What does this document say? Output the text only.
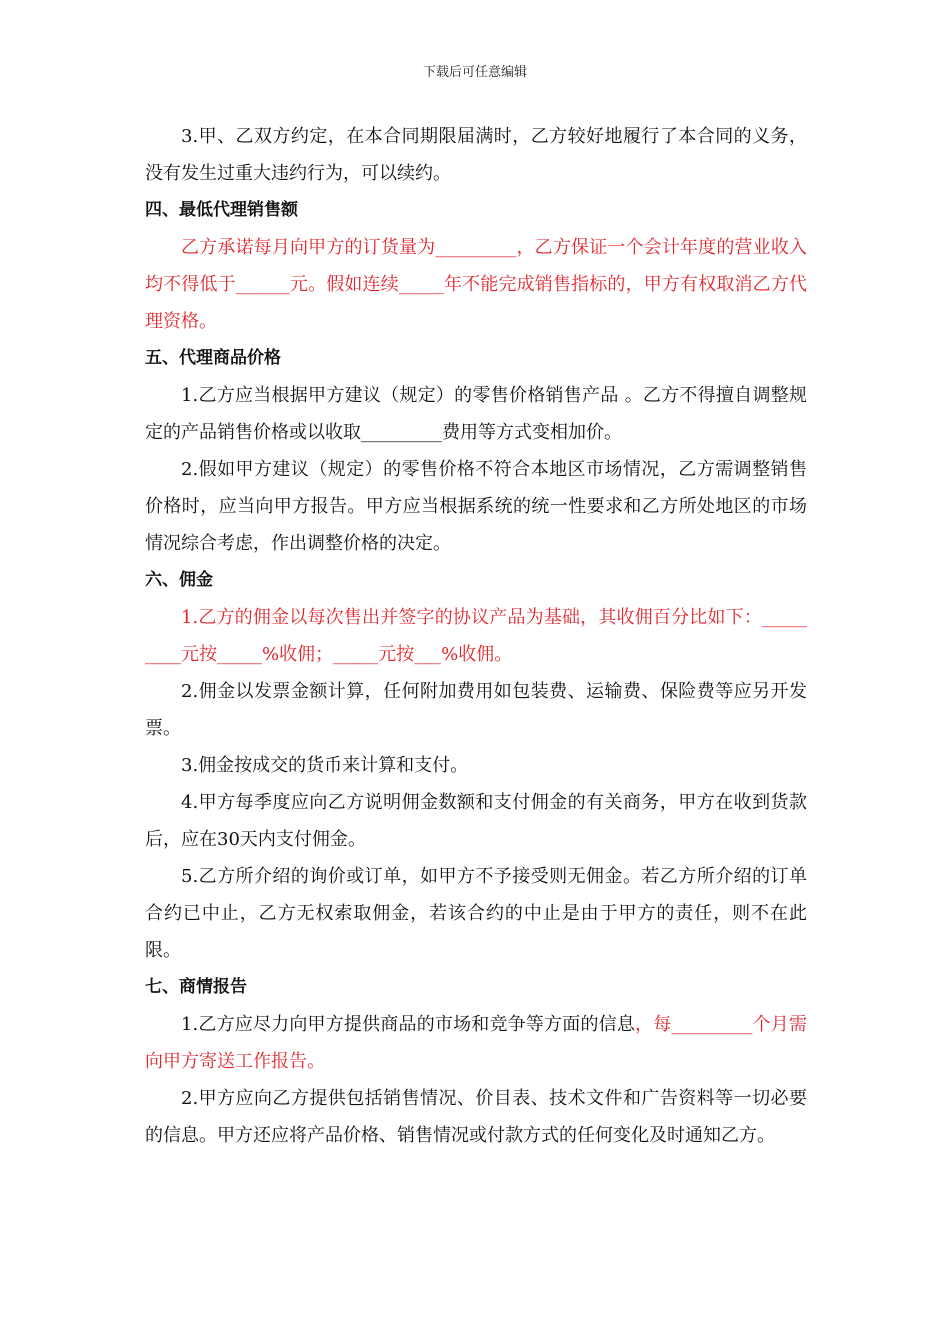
下载后可任意编辑

3.甲、乙双方约定，在本合同期限届满时，乙方较好地履行了本合同的义务，没有发生过重大违约行为，可以续约。

四、最低代理销售额

乙方承诺每月向甲方的订货量为_________，乙方保证一个会计年度的营业收入均不得低于______元。假如连续_____年不能完成销售指标的，甲方有权取消乙方代理资格。

五、代理商品价格

1.乙方应当根据甲方建议（规定）的零售价格销售产品 。乙方不得擅自调整规定的产品销售价格或以收取_________费用等方式变相加价。

2.假如甲方建议（规定）的零售价格不符合本地区市场情况，乙方需调整销售价格时，应当向甲方报告。甲方应当根据系统的统一性要求和乙方所处地区的市场情况综合考虑，作出调整价格的决定。

六、佣金

1.乙方的佣金以每次售出并签字的协议产品为基础，其收佣百分比如下：_________元按_____%收佣；_____元按___%收佣。

2.佣金以发票金额计算，任何附加费用如包装费、运输费、保险费等应另开发票。

3.佣金按成交的货币来计算和支付。

4.甲方每季度应向乙方说明佣金数额和支付佣金的有关商务，甲方在收到货款后，应在30天内支付佣金。

5.乙方所介绍的询价或订单，如甲方不予接受则无佣金。若乙方所介绍的订单合约已中止，乙方无权索取佣金，若该合约的中止是由于甲方的责任，则不在此限。

七、商情报告

1.乙方应尽力向甲方提供商品的市场和竞争等方面的信息，每_________个月需向甲方寄送工作报告。

2.甲方应向乙方提供包括销售情况、价目表、技术文件和广告资料等一切必要的信息。甲方还应将产品价格、销售情况或付款方式的任何变化及时通知乙方。
